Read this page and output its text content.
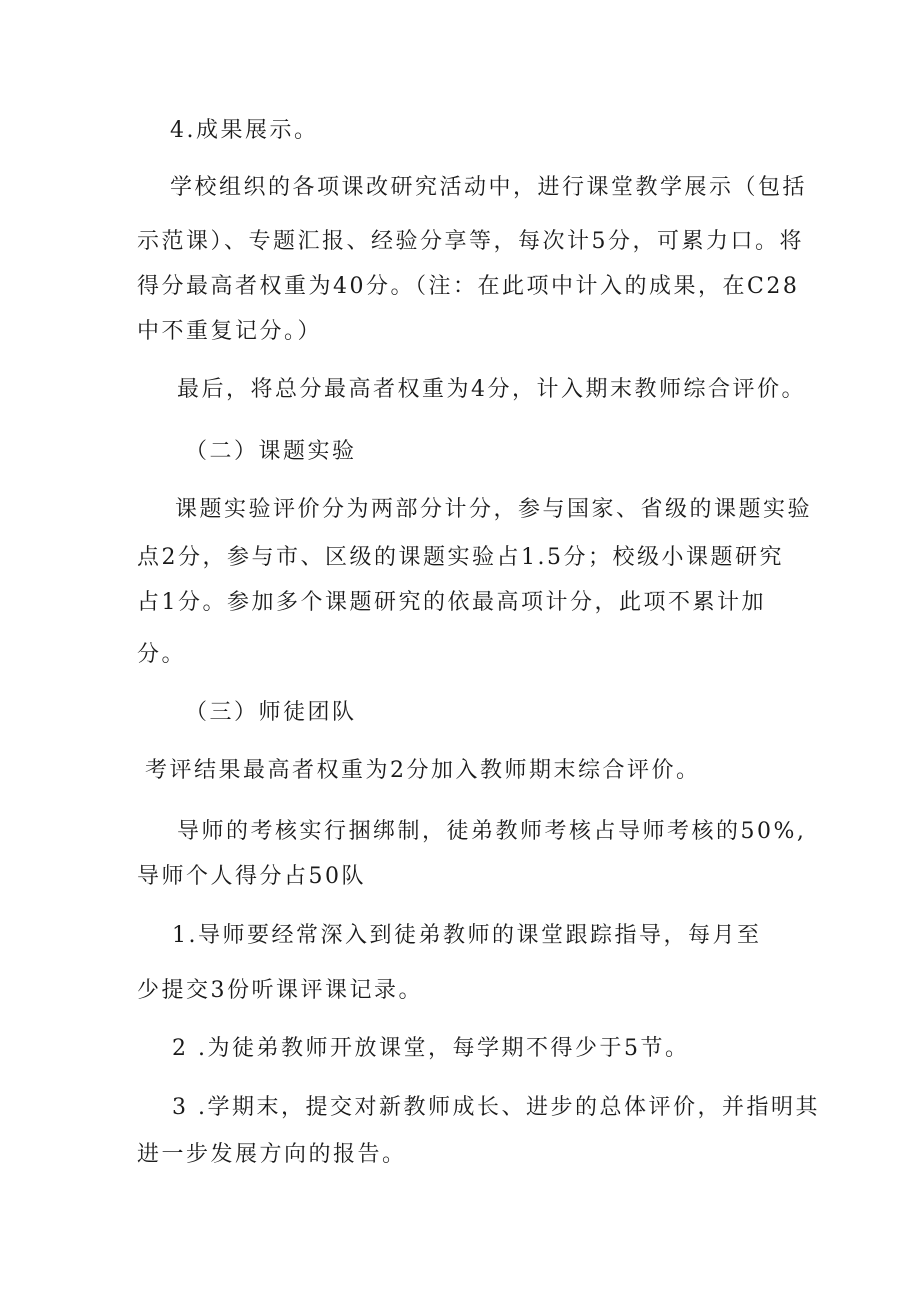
4.成果展示。
学校组织的各项课改研究活动中，进行课堂教学展示（包括
示范课）、专题汇报、经验分享等，每次计5分，可累力口。将
得分最高者权重为40分。（注：在此项中计入的成果，在C28
中不重复记分。）
最后，将总分最高者权重为4分，计入期末教师综合评价。
（二）课题实验
课题实验评价分为两部分计分，参与国家、省级的课题实验
点2分，参与市、区级的课题实验占1.5分；校级小课题研究
占1分。参加多个课题研究的依最高项计分，此项不累计加
分。
（三）师徒团队
考评结果最高者权重为2分加入教师期末综合评价。
导师的考核实行捆绑制，徒弟教师考核占导师考核的50%,
导师个人得分占50队
1.导师要经常深入到徒弟教师的课堂跟踪指导，每月至
少提交3份听课评课记录。
2 .为徒弟教师开放课堂，每学期不得少于5节。
3 .学期末，提交对新教师成长、进步的总体评价，并指明其
进一步发展方向的报告。
